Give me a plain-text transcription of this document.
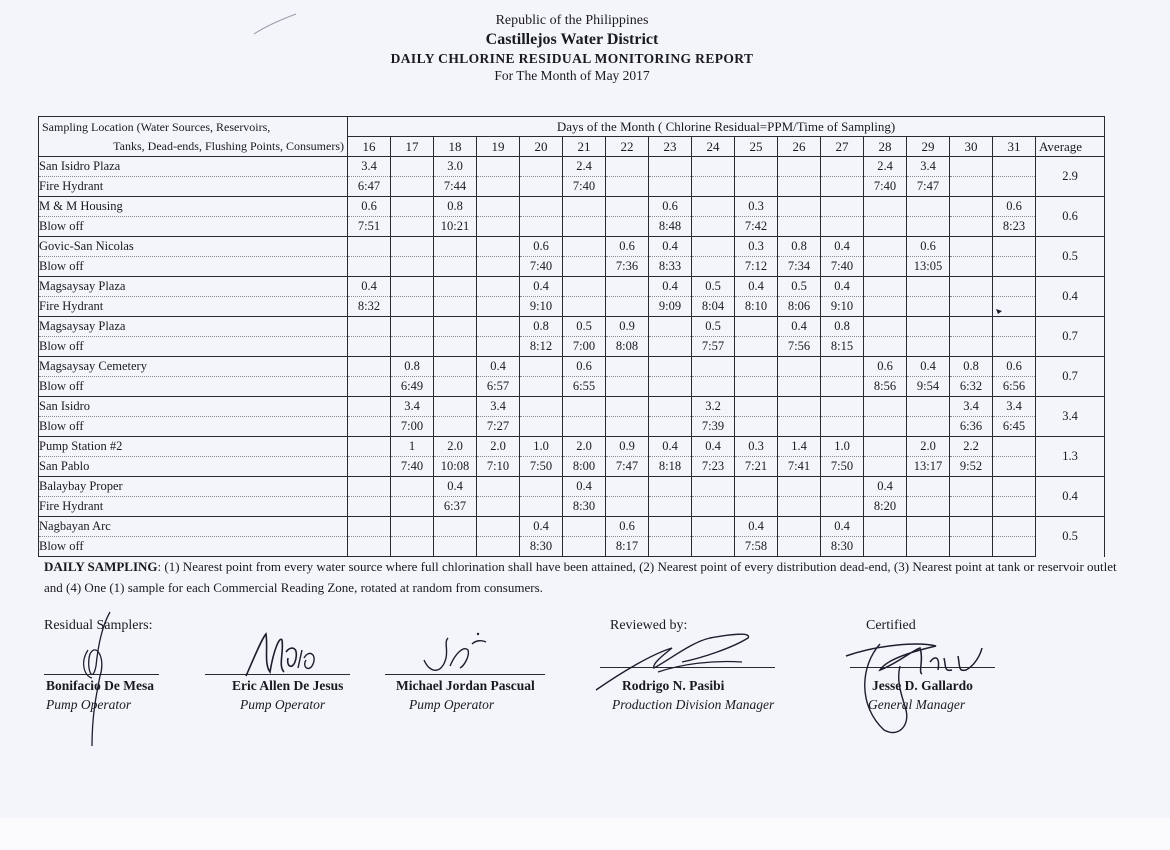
Republic of the Philippines
Castillejos Water District
DAILY CHLORINE RESIDUAL MONITORING REPORT
For The Month of May 2017
Sampling Location (Water Sources, Reservoirs,
Tanks, Dead-ends, Flushing Points, Consumers)	Days of the Month ( Chlorine Residual=PPM/Time of Sampling)																
	16	17	18	19	20	21	22	23	24	25	26	27	28	29	30	31	Average
San Isidro Plaza	3.4		3.0			2.4							2.4	3.4			2.9
Fire Hydrant	6:47		7:44			7:40							7:40	7:47			
M & M Housing	0.6		0.8					0.6		0.3						0.6	0.6
Blow off	7:51		10:21					8:48		7:42						8:23	
Govic-San Nicolas					0.6		0.6	0.4		0.3	0.8	0.4		0.6			0.5
Blow off					7:40		7:36	8:33		7:12	7:34	7:40		13:05			
Magsaysay Plaza	0.4				0.4			0.4	0.5	0.4	0.5	0.4					0.4
Fire Hydrant	8:32				9:10			9:09	8:04	8:10	8:06	9:10					
Magsaysay Plaza					0.8	0.5	0.9		0.5		0.4	0.8					0.7
Blow off					8:12	7:00	8:08		7:57		7:56	8:15					
Magsaysay Cemetery		0.8		0.4		0.6							0.6	0.4	0.8	0.6	0.7
Blow off		6:49		6:57		6:55							8:56	9:54	6:32	6:56	
San Isidro		3.4		3.4					3.2						3.4	3.4	3.4
Blow off		7:00		7:27					7:39						6:36	6:45	
Pump Station #2		1	2.0	2.0	1.0	2.0	0.9	0.4	0.4	0.3	1.4	1.0		2.0	2.2		1.3
San Pablo		7:40	10:08	7:10	7:50	8:00	7:47	8:18	7:23	7:21	7:41	7:50		13:17	9:52		
Balaybay Proper			0.4			0.4							0.4				0.4
Fire Hydrant			6:37			8:30							8:20				
Nagbayan Arc					0.4		0.6			0.4		0.4					0.5
Blow off					8:30		8:17			7:58		8:30					
DAILY SAMPLING: (1) Nearest point from every water source where full chlorination shall have been attained, (2) Nearest point of every distribution dead-end, (3) Nearest point at tank or reservoir outlet and (4) One (1) sample for each Commercial Reading Zone, rotated at random from consumers.
Residual Samplers:	Reviewed by:	Certified
Bonifacio De Mesa
Pump Operator
Eric Allen De Jesus
Pump Operator
Michael Jordan Pascual
Pump Operator
Rodrigo N. Pasibi
Production Division Manager
Jesse D. Gallardo
General Manager
